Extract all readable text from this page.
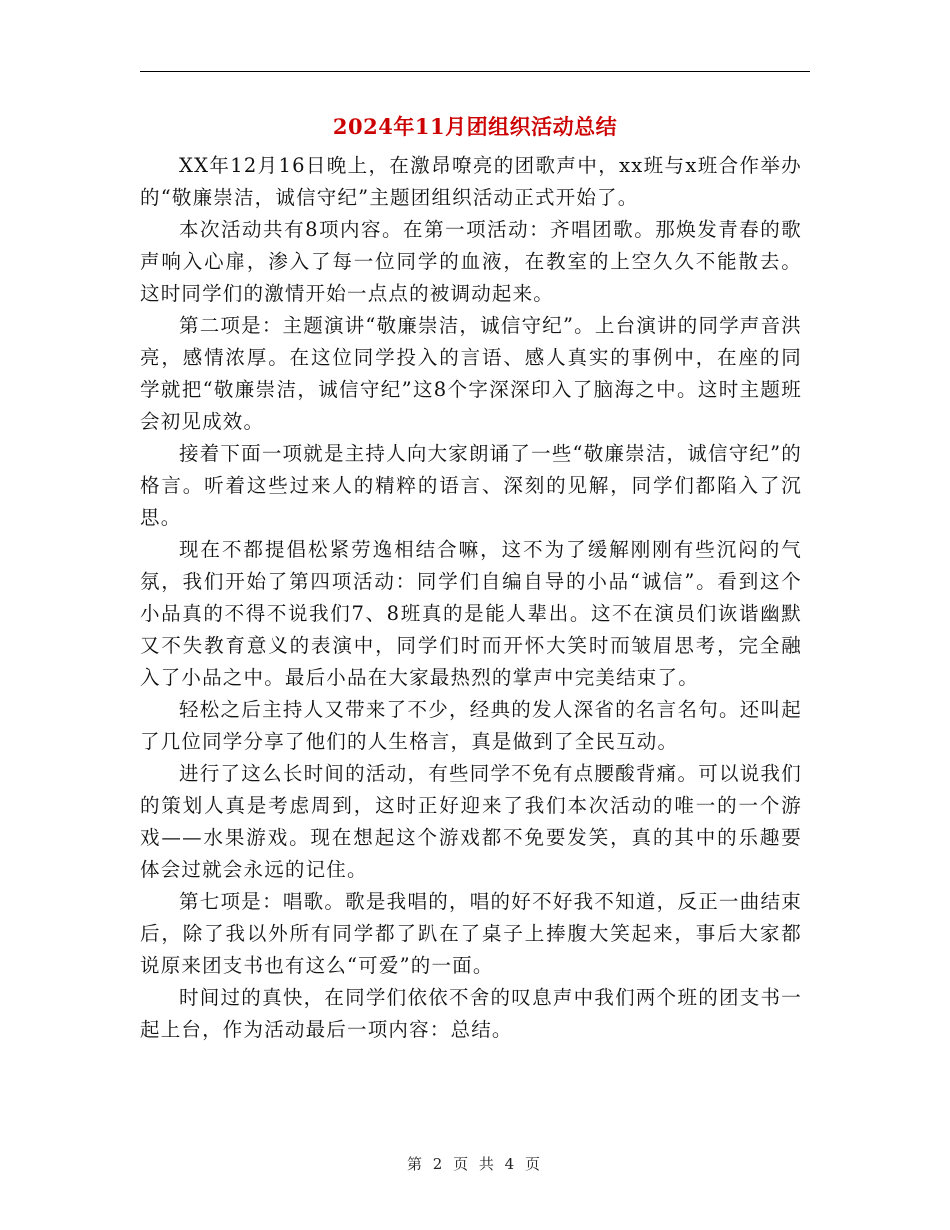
2024年11月团组织活动总结

XX年12月16日晚上，在激昂嘹亮的团歌声中，xx班与x班合作举办的“敬廉崇洁，诚信守纪”主题团组织活动正式开始了。

本次活动共有8项内容。在第一项活动：齐唱团歌。那焕发青春的歌声响入心扉，渗入了每一位同学的血液，在教室的上空久久不能散去。这时同学们的激情开始一点点的被调动起来。

第二项是：主题演讲“敬廉崇洁，诚信守纪”。上台演讲的同学声音洪亮，感情浓厚。在这位同学投入的言语、感人真实的事例中，在座的同学就把“敬廉崇洁，诚信守纪”这8个字深深印入了脑海之中。这时主题班会初见成效。

接着下面一项就是主持人向大家朗诵了一些“敬廉崇洁，诚信守纪”的格言。听着这些过来人的精粹的语言、深刻的见解，同学们都陷入了沉思。

现在不都提倡松紧劳逸相结合嘛，这不为了缓解刚刚有些沉闷的气氛，我们开始了第四项活动：同学们自编自导的小品“诚信”。看到这个小品真的不得不说我们7、8班真的是能人辈出。这不在演员们诙谐幽默又不失教育意义的表演中，同学们时而开怀大笑时而皱眉思考，完全融入了小品之中。最后小品在大家最热烈的掌声中完美结束了。

轻松之后主持人又带来了不少，经典的发人深省的名言名句。还叫起了几位同学分享了他们的人生格言，真是做到了全民互动。

进行了这么长时间的活动，有些同学不免有点腰酸背痛。可以说我们的策划人真是考虑周到，这时正好迎来了我们本次活动的唯一的一个游戏——水果游戏。现在想起这个游戏都不免要发笑，真的其中的乐趣要体会过就会永远的记住。

第七项是：唱歌。歌是我唱的，唱的好不好我不知道，反正一曲结束后，除了我以外所有同学都了趴在了桌子上捧腹大笑起来，事后大家都说原来团支书也有这么“可爱”的一面。

时间过的真快，在同学们依依不舍的叹息声中我们两个班的团支书一起上台，作为活动最后一项内容：总结。

第 2 页 共 4 页
